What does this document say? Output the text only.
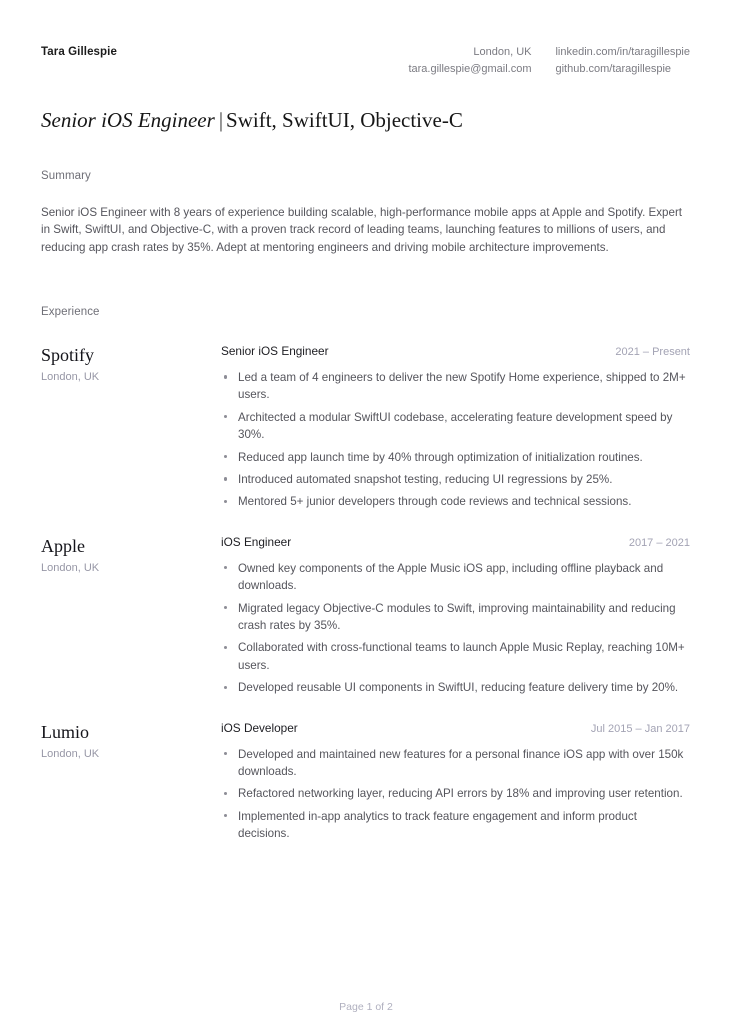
Tara Gillespie	London, UK
tara.gillespie@gmail.com
linkedin.com/in/taragillespie
github.com/taragillespie
Senior iOS Engineer | Swift, SwiftUI, Objective-C
Summary
Senior iOS Engineer with 8 years of experience building scalable, high-performance mobile apps at Apple and Spotify. Expert in Swift, SwiftUI, and Objective-C, with a proven track record of leading teams, launching features to millions of users, and reducing app crash rates by 35%. Adept at mentoring engineers and driving mobile architecture improvements.
Experience
Spotify
London, UK
Senior iOS Engineer	2021 – Present
Led a team of 4 engineers to deliver the new Spotify Home experience, shipped to 2M+ users.
Architected a modular SwiftUI codebase, accelerating feature development speed by 30%.
Reduced app launch time by 40% through optimization of initialization routines.
Introduced automated snapshot testing, reducing UI regressions by 25%.
Mentored 5+ junior developers through code reviews and technical sessions.
Apple
London, UK
iOS Engineer	2017 – 2021
Owned key components of the Apple Music iOS app, including offline playback and downloads.
Migrated legacy Objective-C modules to Swift, improving maintainability and reducing crash rates by 35%.
Collaborated with cross-functional teams to launch Apple Music Replay, reaching 10M+ users.
Developed reusable UI components in SwiftUI, reducing feature delivery time by 20%.
Lumio
London, UK
iOS Developer	Jul 2015 – Jan 2017
Developed and maintained new features for a personal finance iOS app with over 150k downloads.
Refactored networking layer, reducing API errors by 18% and improving user retention.
Implemented in-app analytics to track feature engagement and inform product decisions.
Page 1 of 2
